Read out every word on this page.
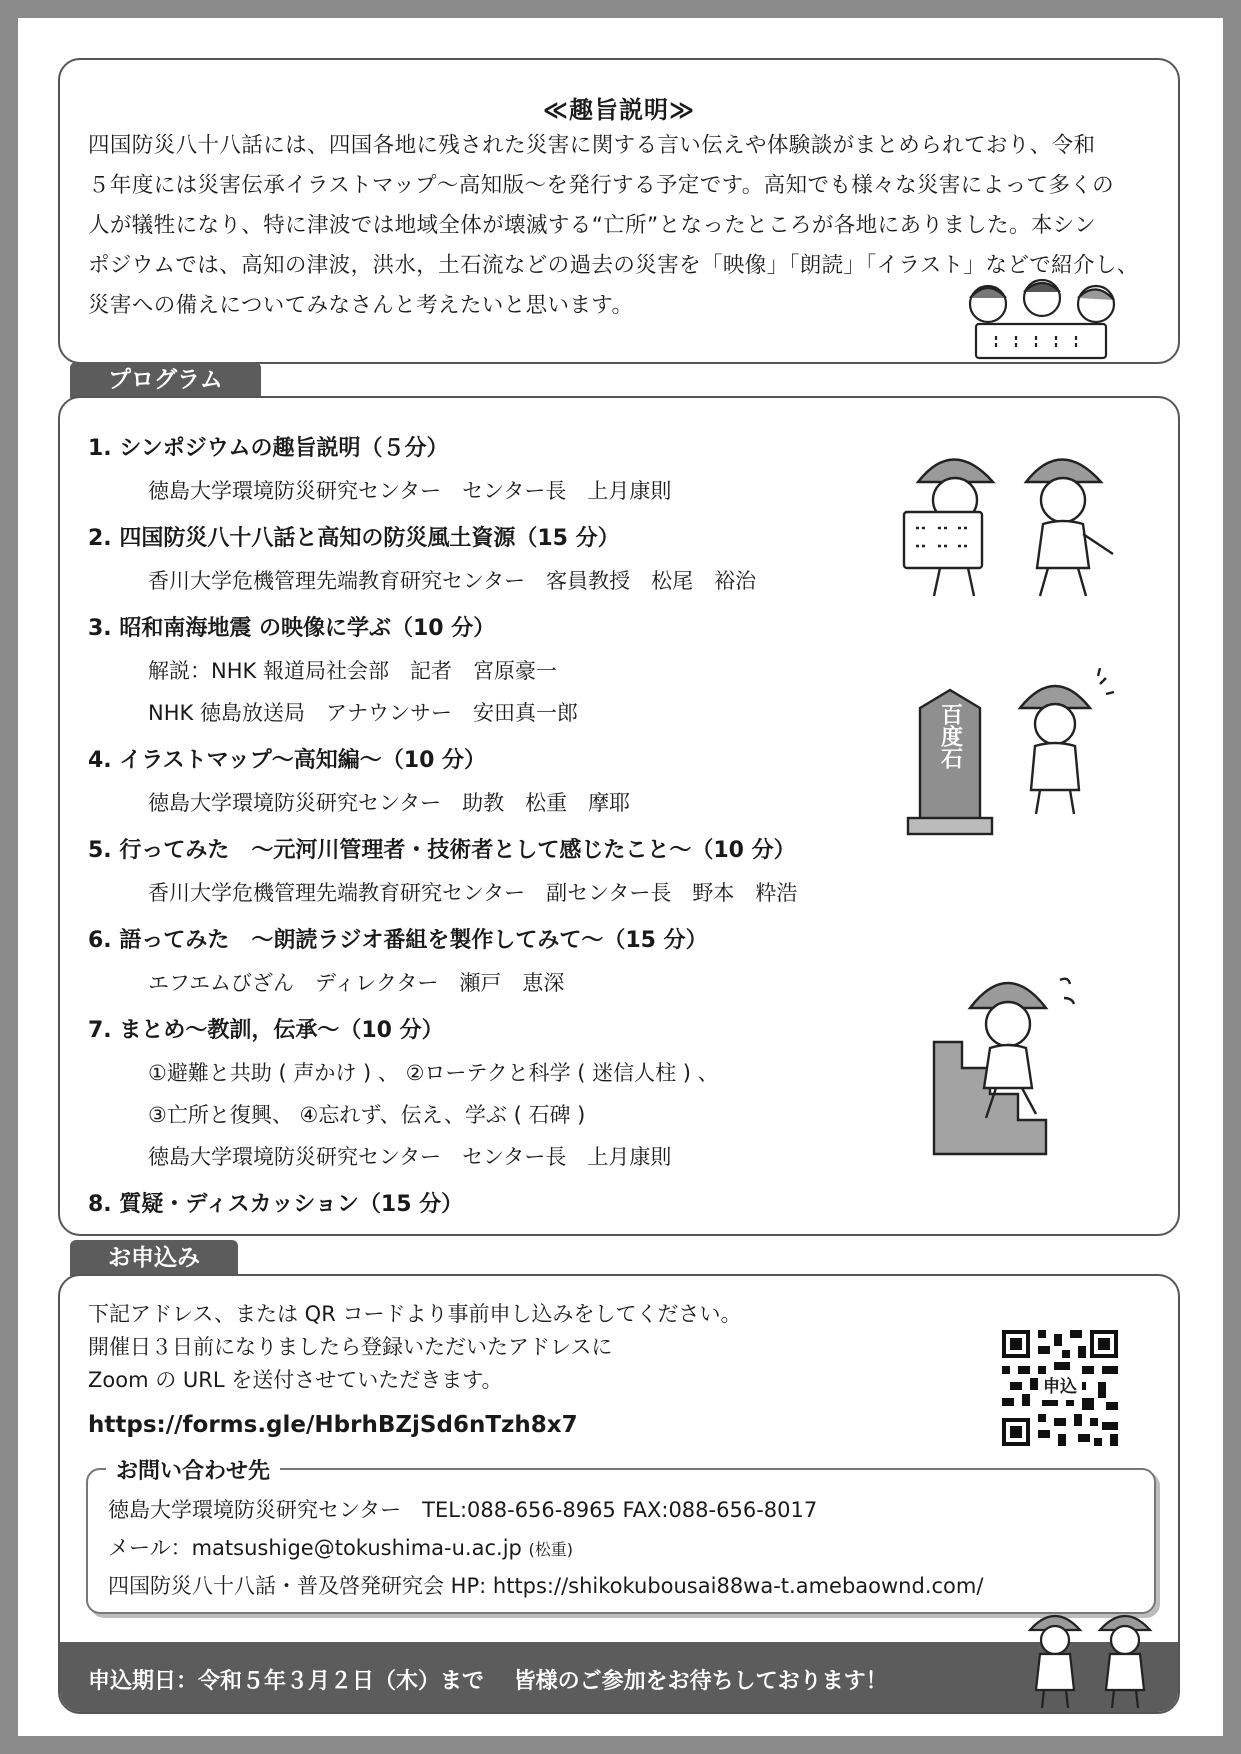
≪趣旨説明≫

四国防災八十八話には、四国各地に残された災害に関する言い伝えや体験談がまとめられており、令和

５年度には災害伝承イラストマップ～高知版～を発行する予定です。高知でも様々な災害によって多くの

人が犠牲になり、特に津波では地域全体が壊滅する“亡所”となったところが各地にありました。本シン

ポジウムでは、高知の津波，洪水，土石流などの過去の災害を「映像」「朗読」「イラスト」などで紹介し、

災害への備えについてみなさんと考えたいと思います。

プログラム
1. シンポジウムの趣旨説明（５分）
徳島大学環境防災研究センター　センター長　上月康則
2. 四国防災八十八話と高知の防災風土資源（15 分）
香川大学危機管理先端教育研究センター　客員教授　松尾　裕治
3. 昭和南海地震 の映像に学ぶ（10 分）
解説：NHK 報道局社会部　記者　宮原豪一
NHK 徳島放送局　アナウンサー　安田真一郎
4. イラストマップ～高知編～（10 分）
徳島大学環境防災研究センター　助教　松重　摩耶
5. 行ってみた　～元河川管理者・技術者として感じたこと～（10 分）
香川大学危機管理先端教育研究センター　副センター長　野本　粋浩
6. 語ってみた　～朗読ラジオ番組を製作してみて～（15 分）
エフエムびざん　ディレクター　瀬戸　恵深
7. まとめ～教訓，伝承～（10 分）
①避難と共助 ( 声かけ ) 、 ②ローテクと科学 ( 迷信人柱 ) 、
③亡所と復興、 ④忘れず、伝え、学ぶ ( 石碑 )
徳島大学環境防災研究センター　センター長　上月康則
8. 質疑・ディスカッション（15 分）
百度石
お申込み

下記アドレス、または QR コードより事前申し込みをしてください。

開催日３日前になりましたら登録いただいたアドレスに

Zoom の URL を送付させていただきます。

https://forms.gle/HbrhBZjSd6nTzh8x7
申込
お問い合わせ先

徳島大学環境防災研究センター　TEL:088-656-8965 FAX:088-656-8017

メール：matsushige@tokushima-u.ac.jp (松重)

四国防災八十八話・普及啓発研究会 HP: https://shikokubousai88wa-t.amebaownd.com/

申込期日：令和５年３月２日（木）まで　 皆様のご参加をお待ちしております！
